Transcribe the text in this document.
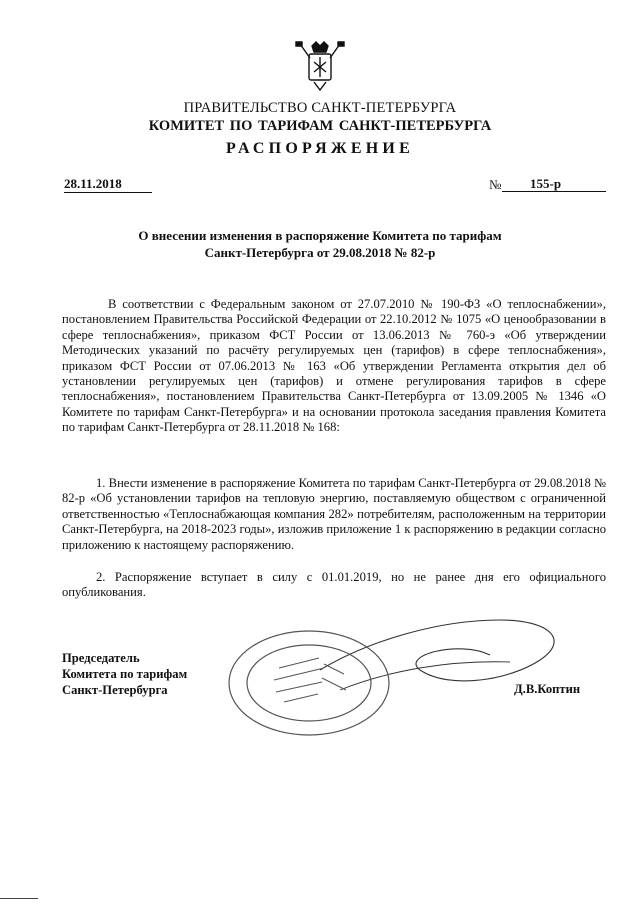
ПРАВИТЕЛЬСТВО САНКТ-ПЕТЕРБУРГА
КОМИТЕТ ПО ТАРИФАМ САНКТ-ПЕТЕРБУРГА
РАСПОРЯЖЕНИЕ
28.11.2018	№	155-р
О внесении изменения в распоряжение Комитета по тарифам
Санкт-Петербурга от 29.08.2018 № 82-р
В соответствии с Федеральным законом от 27.07.2010 № 190-ФЗ «О теплоснабжении», постановлением Правительства Российской Федерации от 22.10.2012 № 1075 «О ценообразовании в сфере теплоснабжения», приказом ФСТ России от 13.06.2013 № 760-э «Об утверждении Методических указаний по расчёту регулируемых цен (тарифов) в сфере теплоснабжения», приказом ФСТ России от 07.06.2013 № 163 «Об утверждении Регламента открытия дел об установлении регулируемых цен (тарифов) и отмене регулирования тарифов в сфере теплоснабжения», постановлением Правительства Санкт-Петербурга от 13.09.2005 № 1346 «О Комитете по тарифам Санкт-Петербурга» и на основании протокола заседания правления Комитета по тарифам Санкт-Петербурга от 28.11.2018 № 168:
1. Внести изменение в распоряжение Комитета по тарифам Санкт-Петербурга от 29.08.2018 № 82-р «Об установлении тарифов на тепловую энергию, поставляемую обществом с ограниченной ответственностью «Теплоснабжающая компания 282» потребителям, расположенным на территории Санкт-Петербурга, на 2018-2023 годы», изложив приложение 1 к распоряжению в редакции согласно приложению к настоящему распоряжению.
2. Распоряжение вступает в силу с 01.01.2019, но не ранее дня его официального опубликования.
Председатель
Комитета по тарифам
Санкт-Петербурга	Д.В.Коптин
